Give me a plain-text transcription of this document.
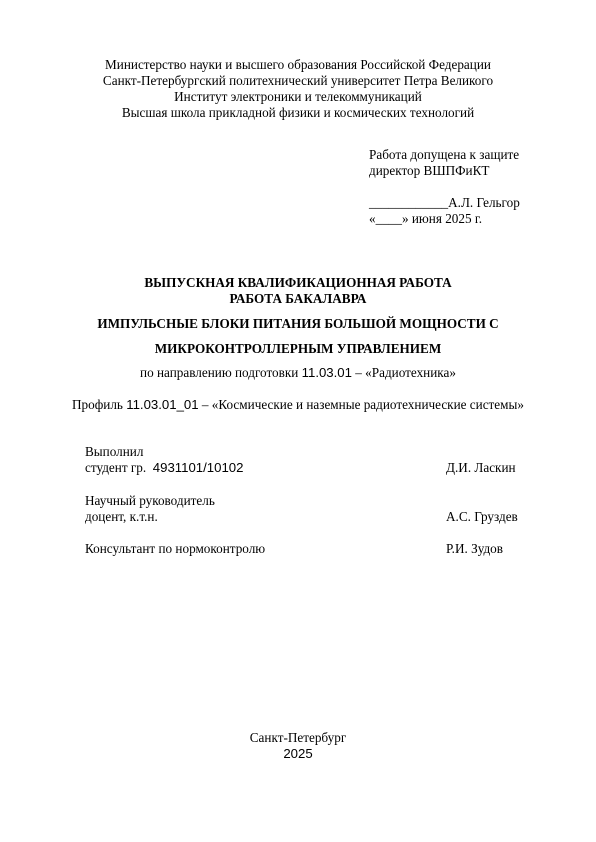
Министерство науки и высшего образования Российской Федерации
Санкт-Петербургский политехнический университет Петра Великого
Институт электроники и телекоммуникаций
Высшая школа прикладной физики и космических технологий
Работа допущена к защите
директор ВШПФиКТ
____________А.Л. Гельгор
«____» июня 2025 г.
ВЫПУСКНАЯ КВАЛИФИКАЦИОННАЯ РАБОТА
РАБОТА БАКАЛАВРА
ИМПУЛЬСНЫЕ БЛОКИ ПИТАНИЯ БОЛЬШОЙ МОЩНОСТИ С
МИКРОКОНТРОЛЛЕРНЫМ УПРАВЛЕНИЕМ
по направлению подготовки 11.03.01 – «Радиотехника»
Профиль 11.03.01_01 – «Космические и наземные радиотехнические системы»
Выполнил
студент гр.  4931101/10102	Д.И. Ласкин
Научный руководитель
доцент, к.т.н.	А.С. Груздев
Консультант по нормоконтролю	Р.И. Зудов
Санкт-Петербург
2025
